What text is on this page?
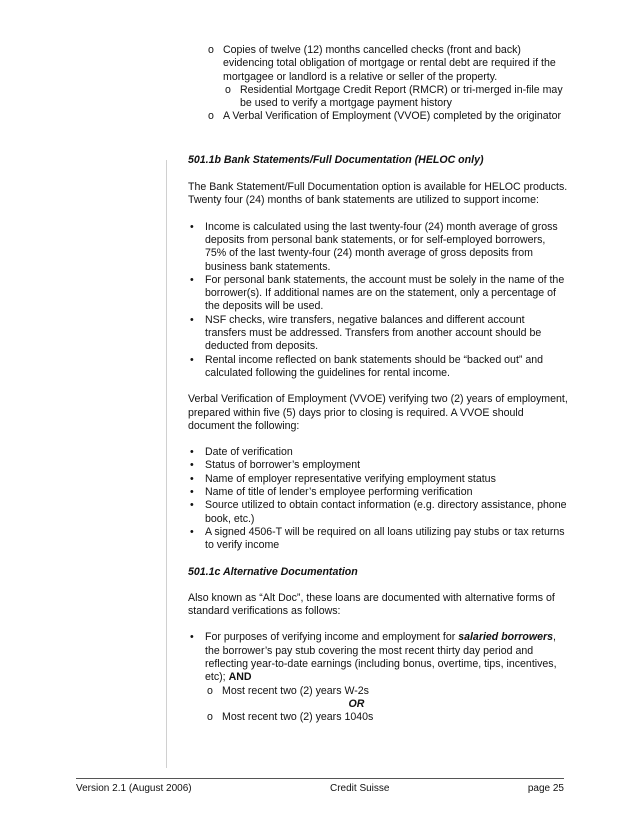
o Copies of twelve (12) months cancelled checks (front and back) evidencing total obligation of mortgage or rental debt are required if the mortgagee or landlord is a relative or seller of the property.
o Residential Mortgage Credit Report (RMCR) or tri-merged in-file may be used to verify a mortgage payment history
o A Verbal Verification of Employment (VVOE) completed by the originator

501.1b Bank Statements/Full Documentation (HELOC only)

The Bank Statement/Full Documentation option is available for HELOC products. Twenty four (24) months of bank statements are utilized to support income:

• Income is calculated using the last twenty-four (24) month average of gross deposits from personal bank statements, or for self-employed borrowers, 75% of the last twenty-four (24) month average of gross deposits from business bank statements.
• For personal bank statements, the account must be solely in the name of the borrower(s). If additional names are on the statement, only a percentage of the deposits will be used.
• NSF checks, wire transfers, negative balances and different account transfers must be addressed. Transfers from another account should be deducted from deposits.
• Rental income reflected on bank statements should be “backed out” and calculated following the guidelines for rental income.

Verbal Verification of Employment (VVOE) verifying two (2) years of employment, prepared within five (5) days prior to closing is required. A VVOE should document the following:

• Date of verification
• Status of borrower’s employment
• Name of employer representative verifying employment status
• Name of title of lender’s employee performing verification
• Source utilized to obtain contact information (e.g. directory assistance, phone book, etc.)
• A signed 4506-T will be required on all loans utilizing pay stubs or tax returns to verify income

501.1c Alternative Documentation

Also known as “Alt Doc”, these loans are documented with alternative forms of standard verifications as follows:

• For purposes of verifying income and employment for salaried borrowers, the borrower’s pay stub covering the most recent thirty day period and reflecting year-to-date earnings (including bonus, overtime, tips, incentives, etc); AND
o Most recent two (2) years W-2s
OR
o Most recent two (2) years 1040s
Version 2.1 (August 2006)	Credit Suisse	page 25
